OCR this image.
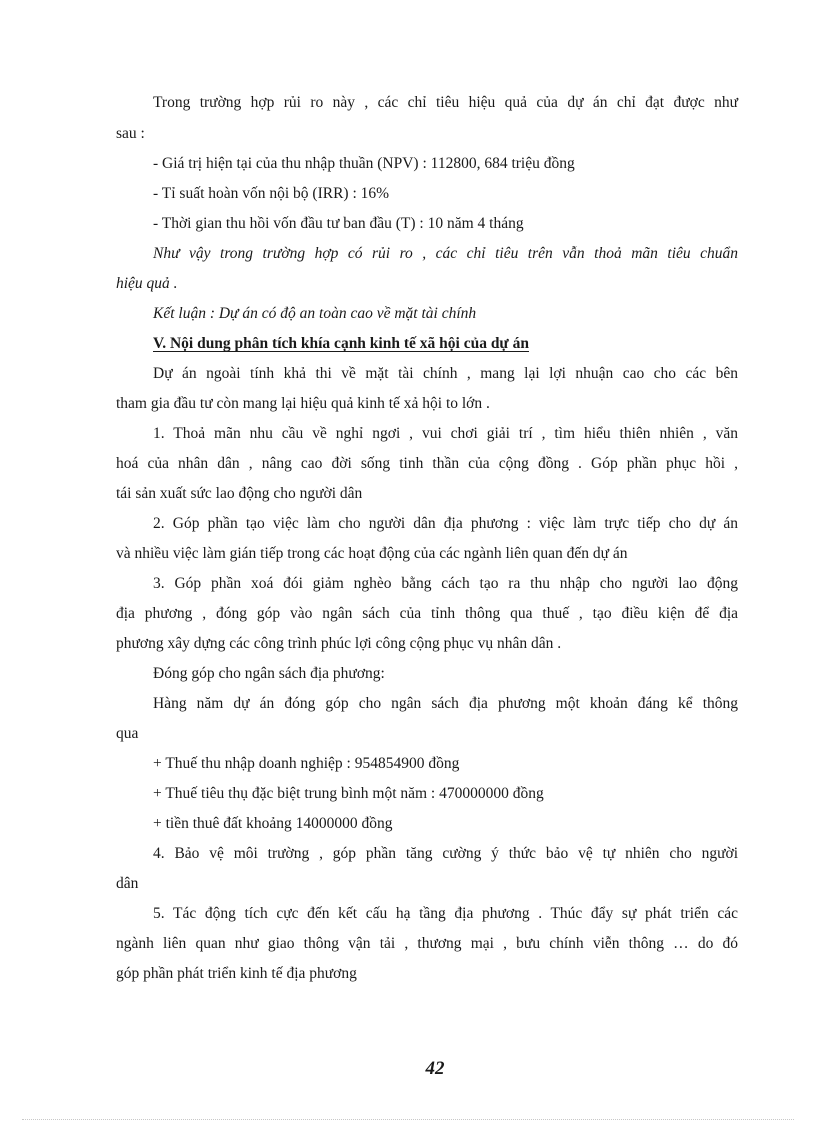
Trong trường hợp rủi ro này , các chỉ tiêu hiệu quả của dự án chỉ đạt được như
sau :
- Giá trị hiện tại của thu nhập thuần (NPV) : 112800, 684 triệu đồng
- Tỉ suất hoàn vốn nội bộ (IRR) : 16%
- Thời gian thu hồi vốn đầu tư ban đầu (T) : 10 năm 4 tháng
Như vậy trong trường hợp có rủi ro , các chỉ tiêu trên vẫn thoả mãn tiêu chuẩn
hiệu quả .
Kết luận : Dự án có độ an toàn cao về mặt tài chính
V. Nội dung phân tích khía cạnh kinh tế xã hội của dự án
Dự án ngoài tính khả thi về mặt tài chính , mang lại lợi nhuận cao cho các bên
tham gia đầu tư còn mang lại hiệu quả kinh tế xả hội to lớn .
1. Thoả mãn nhu cầu về nghỉ ngơi , vui chơi giải trí , tìm hiểu thiên nhiên , văn
hoá của nhân dân , nâng cao đời sống tinh thần của cộng đồng . Góp phần phục hồi ,
tái sản xuất sức lao động cho người dân
2. Góp phần tạo việc làm cho người dân địa phương : việc làm trực tiếp cho dự án
và nhiều việc làm gián tiếp trong các hoạt động của các ngành liên quan đến dự án
3. Góp phần xoá đói giảm nghèo bằng cách tạo ra thu nhập cho người lao động
địa phương , đóng góp vào ngân sách của tỉnh thông qua thuế , tạo điều kiện để địa
phương xây dựng các công trình phúc lợi công cộng phục vụ nhân dân .
Đóng góp cho ngân sách địa phương:
Hàng năm dự án đóng góp cho ngân sách địa phương một khoản đáng kể thông
qua
+ Thuế thu nhập doanh nghiệp : 954854900 đồng
+ Thuế tiêu thụ đặc biệt trung bình một năm : 470000000 đồng
+ tiền thuê đất khoảng 14000000 đồng
4. Bảo vệ môi trường , góp phần tăng cường ý thức bảo vệ tự nhiên cho người
dân
5. Tác động tích cực đến kết cấu hạ tầng địa phương . Thúc đẩy sự phát triển các
ngành liên quan như giao thông vận tải , thương mại , bưu chính viễn thông … do đó
góp phần phát triển kinh tế địa phương
42
